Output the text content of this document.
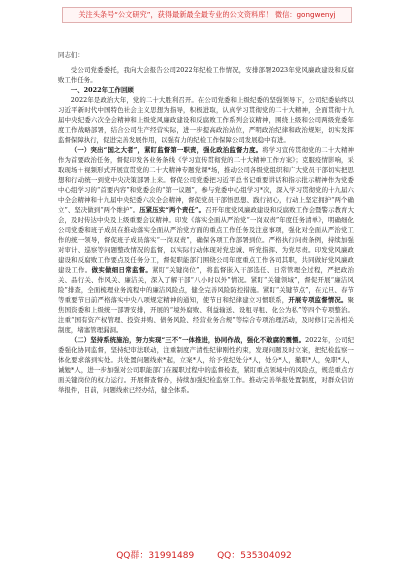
关注头条号“公文研究”，获得最新最全最专业的公文资料库！ 微信：gongwenyj

同志们：

受公司党委委托，我向大会报告公司2022年纪检工作情况，安排部署2023年党风廉政建设和反腐败工作任务。

一、2022年工作回顾

2022年是政治大年，党的二十大胜利召开。在公司党委和上级纪委的坚强领导下，公司纪委始终以习近平新时代中国特色社会主义思想为指导，积极进取，认真学习贯彻党的二十大精神，全面贯彻十九届中央纪委六次全会精神和上级党风廉政建设和反腐败工作系列会议精神，围绕上级和公司两级党委年度工作战略部署，结合公司生产经营实际，进一步提高政治站位，严明政治纪律和政治规矩，切实发挥监督保障执行，促进完善发展作用，以强有力的纪检工作保障公司发展稳中有进。

（一）突出“国之大者”，紧盯监督第一职责，强化政治监督力度。将学习宣传贯彻党的二十大精神作为首要政治任务，督促印发各业务条线《学习宣传贯彻党的二十大精神工作方案》；克服疫情影响，采取现场＋视频形式开展宣贯党的二十大精神专题党课*场，推动公司各级党组织和广大党员干部切实把思想和行动统一到党中央决策部署上来。督促公司党委把习近平总书记重要讲话和指示批示精神作为党委中心组学习的“首要内容”和党委会的“第一议题”，参与党委中心组学习*次，深入学习贯彻党的十九届六中全会精神和十九届中央纪委六次全会精神，督促党员干部悟思想、践行初心，行动上坚定拥护“两个确立”、坚决做到“两个维护”。压紧压实“两个责任”。召开年度党风廉政建设和反腐败工作会暨警示教育大会，及时传达中央及上级重要会议精神。印发《落实全面从严治党“一岗双责”年度任务清单》，明确细化公司党委和班子成员在推动落实全面从严治党方面的重点工作任务及注意事项，强化对全面从严治党工作的统一领导，督促班子成员落实“一岗双责”，确保各项工作部署到位。严格执行问责条例，持续加强对审计、巡察等问题整改情况的监督，以实际行动体现对党忠诚、听党指挥、为党尽责。印发党风廉政建设和反腐败工作要点及任务分工，督促职能部门围绕公司年度重点工作各司其职，共同做好党风廉政建设工作。做实做细日常监督。紧盯“关键岗位”，将监督嵌入干部选任、日常管理全过程，严把政治关、品行关、作风关、廉洁关，深入了解干部“八小时以外”情况。紧盯“关键领域”，督促开展“廉洁风险”排查，全面梳理业务流程中的廉洁风险点，健全完善风险防控措施。紧盯“关键节点”，在元旦、春节等重要节日前严格落实中央八项规定精神的通知，使节日和纪律建立习惯联系，开展专项监督情况。聚焦国资委和上级统一部署安排，开展的“境外腐败、利益输送、设租寻租、化公为私”等四个专项整治。注重“国有资产权管理、投资并购、债务风险、经营业务合规”等综合专项治理活动，及时修订完善相关制度，堵塞管理漏洞。

（二）坚持系统施治，努力实现“三不”一体推进，协同作战，强化不敢腐的震慑。2022年，公司纪委强化协同监督，坚持纪审法联动，注重制度产清性纪律刚性约束，发现问题及时立案，把纪检监察一体化要求落到实处。共处置问题线索*起，立案*人，给予党纪处分*人，处分*人，撤职*人，免职*人，诫勉*人，进一步加强对公司职能部门在履职过程中的监督检查，紧盯重点领域中的风险点，规范重点方面关键岗位的权力运行。开展督查督办，持续加强纪检监察工作。推动完善举报处置制度，对群众信访举报件，目前，问题线索已经办结，健全体系。

QQ群：31991489	QQ：535304092
